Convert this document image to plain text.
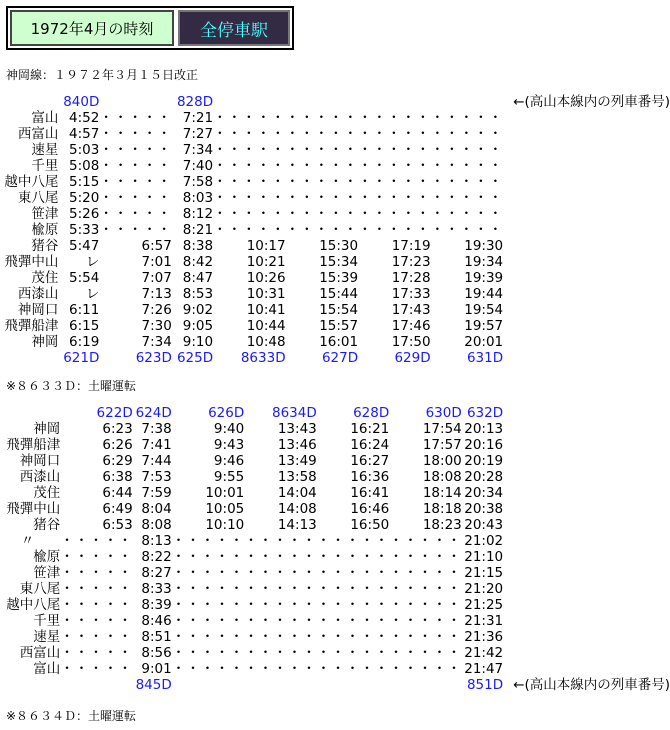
1972年4月の時刻	全停車駅
神岡線：１９７２年３月１５日改正
	840D		828D					←(高山本線内の列車番号)
富山	4:52	・・・・・	7:21	・・・・・	・・・・・	・・・・・	・・・・・	
西富山	4:57	・・・・・	7:27	・・・・・	・・・・・	・・・・・	・・・・・	
速星	5:03	・・・・・	7:34	・・・・・	・・・・・	・・・・・	・・・・・	
千里	5:08	・・・・・	7:40	・・・・・	・・・・・	・・・・・	・・・・・	
越中八尾	5:15	・・・・・	7:58	・・・・・	・・・・・	・・・・・	・・・・・	
東八尾	5:20	・・・・・	8:03	・・・・・	・・・・・	・・・・・	・・・・・	
笹津	5:26	・・・・・	8:12	・・・・・	・・・・・	・・・・・	・・・・・	
楡原	5:33	・・・・・	8:21	・・・・・	・・・・・	・・・・・	・・・・・	
猪谷	5:47	6:57	8:38	10:17	15:30	17:19	19:30	
飛彈中山	レ	7:01	8:42	10:21	15:34	17:23	19:34	
茂住	5:54	7:07	8:47	10:26	15:39	17:28	19:39	
西漆山	レ	7:13	8:53	10:31	15:44	17:33	19:44	
神岡口	6:11	7:26	9:02	10:41	15:54	17:43	19:54	
飛彈船津	6:15	7:30	9:05	10:44	15:57	17:46	19:57	
神岡	6:19	7:34	9:10	10:48	16:01	17:50	20:01	
	621D	623D	625D	8633D	627D	629D	631D	
※８６３３Ｄ：土曜運転
	622D	624D	626D	8634D	628D	630D	632D	
神岡	6:23	7:38	9:40	13:43	16:21	17:54	20:13	
飛彈船津	6:26	7:41	9:43	13:46	16:24	17:57	20:16	
神岡口	6:29	7:44	9:46	13:49	16:27	18:00	20:19	
西漆山	6:38	7:53	9:55	13:58	16:36	18:08	20:28	
茂住	6:44	7:59	10:01	14:04	16:41	18:14	20:34	
飛彈中山	6:49	8:04	10:05	14:08	16:46	18:18	20:38	
猪谷	6:53	8:08	10:10	14:13	16:50	18:23	20:43	
〃	・・・・・	8:13	・・・・・	・・・・・	・・・・・	・・・・・	21:02	
楡原	・・・・・	8:22	・・・・・	・・・・・	・・・・・	・・・・・	21:10	
笹津	・・・・・	8:27	・・・・・	・・・・・	・・・・・	・・・・・	21:15	
東八尾	・・・・・	8:33	・・・・・	・・・・・	・・・・・	・・・・・	21:20	
越中八尾	・・・・・	8:39	・・・・・	・・・・・	・・・・・	・・・・・	21:25	
千里	・・・・・	8:46	・・・・・	・・・・・	・・・・・	・・・・・	21:31	
速星	・・・・・	8:51	・・・・・	・・・・・	・・・・・	・・・・・	21:36	
西富山	・・・・・	8:56	・・・・・	・・・・・	・・・・・	・・・・・	21:42	
富山	・・・・・	9:01	・・・・・	・・・・・	・・・・・	・・・・・	21:47	
		845D					851D	←(高山本線内の列車番号)
※８６３４Ｄ：土曜運転
